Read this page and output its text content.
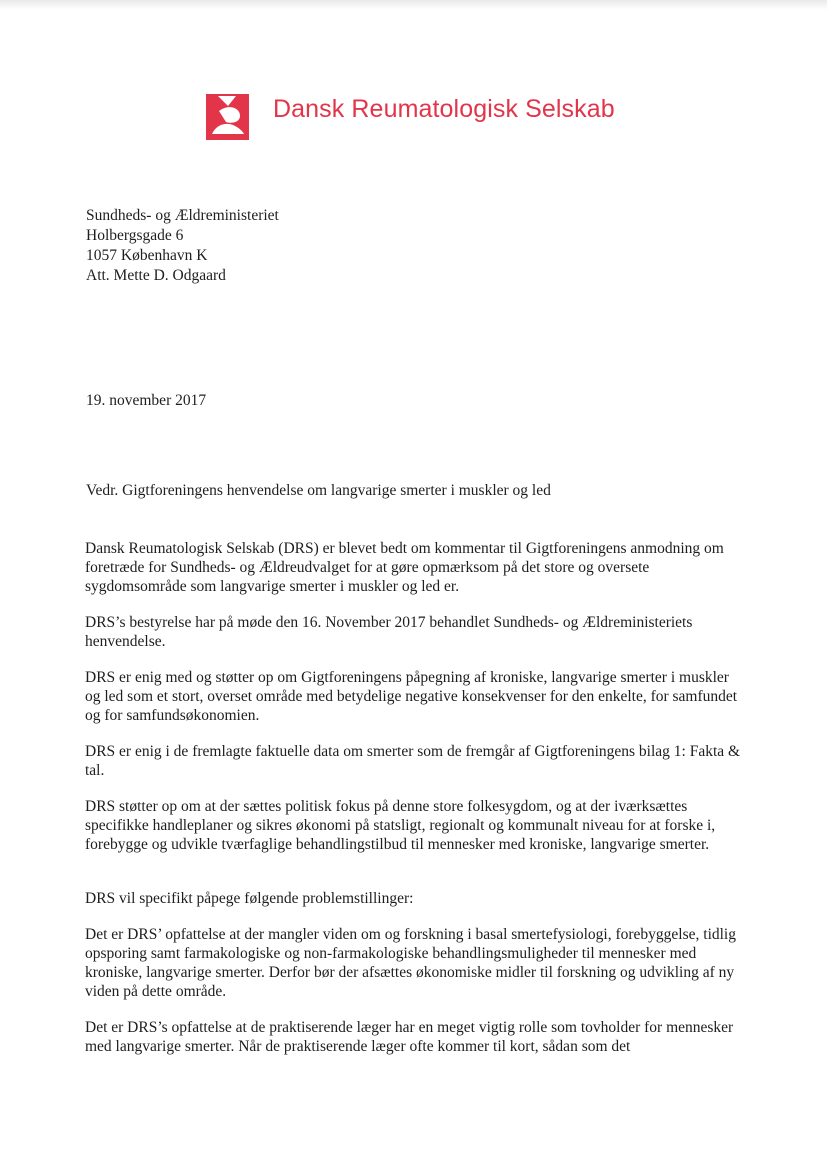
Dansk Reumatologisk Selskab
Sundheds- og Ældreministeriet
Holbergsgade 6
1057 København K
Att. Mette D. Odgaard
19. november 2017
Vedr. Gigtforeningens henvendelse om langvarige smerter i muskler og led

Dansk Reumatologisk Selskab (DRS) er blevet bedt om kommentar til Gigtforeningens anmodning om foretræde for Sundheds- og Ældreudvalget for at gøre opmærksom på det store og oversete sygdomsområde som langvarige smerter i muskler og led er.

DRS’s bestyrelse har på møde den 16. November 2017 behandlet Sundheds- og Ældreministeriets henvendelse.

DRS er enig med og støtter op om Gigtforeningens påpegning af kroniske, langvarige smerter i muskler og led som et stort, overset område med betydelige negative konsekvenser for den enkelte, for samfundet og for samfundsøkonomien.

DRS er enig i de fremlagte faktuelle data om smerter som de fremgår af Gigtforeningens bilag 1: Fakta & tal.

DRS støtter op om at der sættes politisk fokus på denne store folkesygdom, og at der iværksættes specifikke handleplaner og sikres økonomi på statsligt, regionalt og kommunalt niveau for at forske i, forebygge og udvikle tværfaglige behandlingstilbud til mennesker med kroniske, langvarige smerter.

DRS vil specifikt påpege følgende problemstillinger:

Det er DRS’ opfattelse at der mangler viden om og forskning i basal smertefysiologi, forebyggelse, tidlig opsporing samt farmakologiske og non-farmakologiske behandlingsmuligheder til mennesker med kroniske, langvarige smerter. Derfor bør der afsættes økonomiske midler til forskning og udvikling af ny viden på dette område.

Det er DRS’s opfattelse at de praktiserende læger har en meget vigtig rolle som tovholder for mennesker med langvarige smerter. Når de praktiserende læger ofte kommer til kort, sådan som det
